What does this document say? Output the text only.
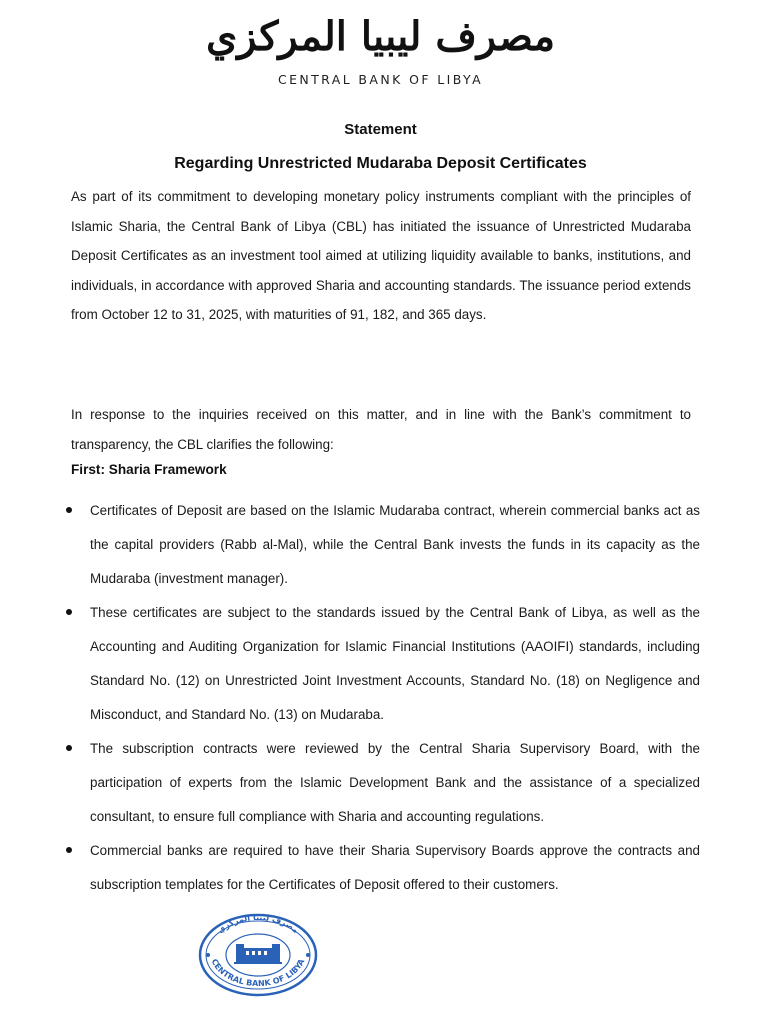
مصرف ليبيا المركزي
CENTRAL BANK OF LIBYA
Statement
Regarding Unrestricted Mudaraba Deposit Certificates

As part of its commitment to developing monetary policy instruments compliant with the principles of Islamic Sharia, the Central Bank of Libya (CBL) has initiated the issuance of Unrestricted Mudaraba Deposit Certificates as an investment tool aimed at utilizing liquidity available to banks, institutions, and individuals, in accordance with approved Sharia and accounting standards. The issuance period extends from October 12 to 31, 2025, with maturities of 91, 182, and 365 days.

In response to the inquiries received on this matter, and in line with the Bank’s commitment to transparency, the CBL clarifies the following:

First: Sharia Framework
Certificates of Deposit are based on the Islamic Mudaraba contract, wherein commercial banks act as the capital providers (Rabb al-Mal), while the Central Bank invests the funds in its capacity as the Mudaraba (investment manager).
These certificates are subject to the standards issued by the Central Bank of Libya, as well as the Accounting and Auditing Organization for Islamic Financial Institutions (AAOIFI) standards, including Standard No. (12) on Unrestricted Joint Investment Accounts, Standard No. (18) on Negligence and Misconduct, and Standard No. (13) on Mudaraba.
The subscription contracts were reviewed by the Central Sharia Supervisory Board, with the participation of experts from the Islamic Development Bank and the assistance of a specialized consultant, to ensure full compliance with Sharia and accounting regulations.
Commercial banks are required to have their Sharia Supervisory Boards approve the contracts and subscription templates for the Certificates of Deposit offered to their customers.
CENTRAL BANK OF LIBYA
مصرف ليبيا المركزي
